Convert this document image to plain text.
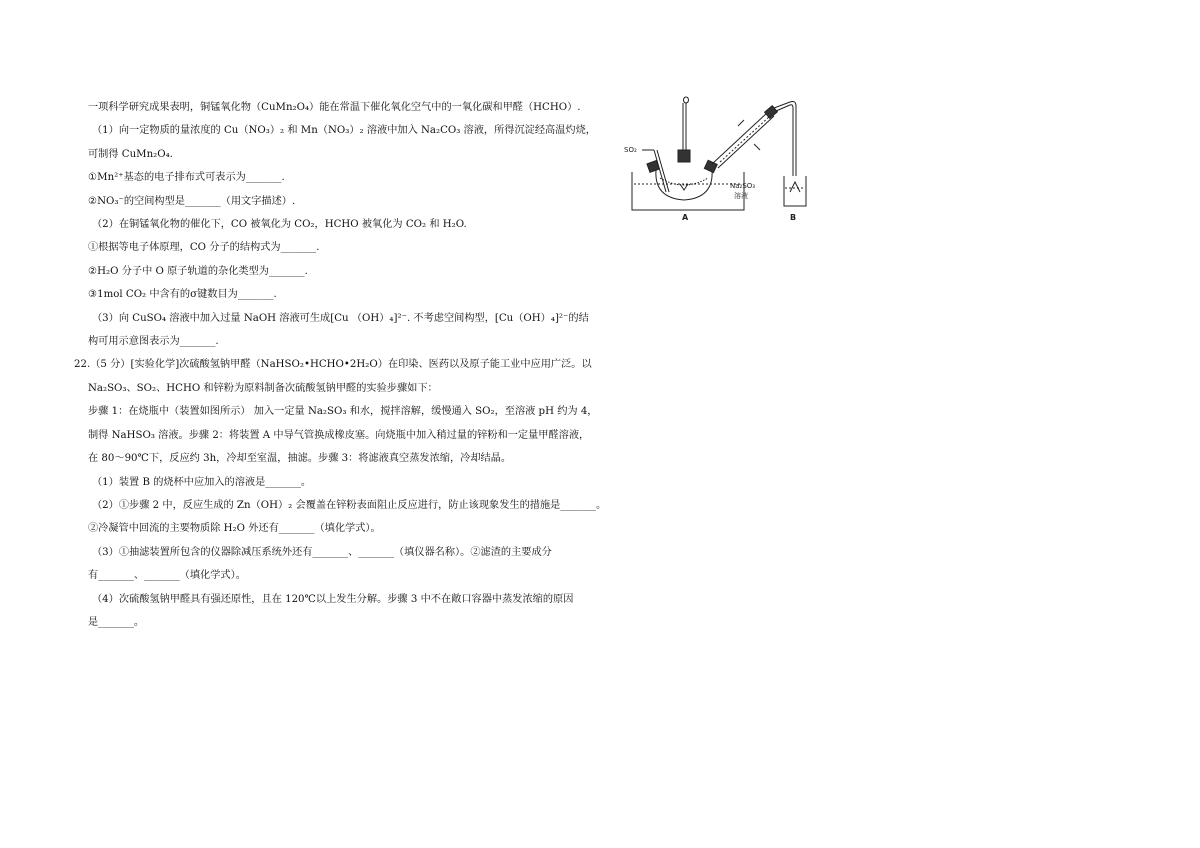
一项科学研究成果表明，铜锰氧化物（CuMn₂O₄）能在常温下催化氧化空气中的一氧化碳和甲醛（HCHO）.
（1）向一定物质的量浓度的 Cu（NO₃）₂ 和 Mn（NO₃）₂ 溶液中加入 Na₂CO₃ 溶液，所得沉淀经高温灼烧，
可制得 CuMn₂O₄.
①Mn²⁺基态的电子排布式可表示为_______.
②NO₃⁻的空间构型是_______（用文字描述）.
（2）在铜锰氧化物的催化下，CO 被氧化为 CO₂，HCHO 被氧化为 CO₂ 和 H₂O.
①根据等电子体原理，CO 分子的结构式为_______.
②H₂O 分子中 O 原子轨道的杂化类型为_______.
③1mol CO₂ 中含有的σ键数目为_______.
（3）向 CuSO₄ 溶液中加入过量 NaOH 溶液可生成[Cu （OH）₄]²⁻. 不考虑空间构型，[Cu（OH）₄]²⁻的结
构可用示意图表示为_______.
22.（5 分）[实验化学]次硫酸氢钠甲醛（NaHSO₂•HCHO•2H₂O）在印染、医药以及原子能工业中应用广泛。以
Na₂SO₃、SO₂、HCHO 和锌粉为原料制备次硫酸氢钠甲醛的实验步骤如下：
步骤 1：在烧瓶中（装置如图所示） 加入一定量 Na₂SO₃ 和水，搅拌溶解，缓慢通入 SO₂，至溶液 pH 约为 4，
制得 NaHSO₃ 溶液。步骤 2：将装置 A 中导气管换成橡皮塞。向烧瓶中加入稍过量的锌粉和一定量甲醛溶液，
在 80～90℃下，反应约 3h，冷却至室温，抽滤。步骤 3：将滤液真空蒸发浓缩，冷却结晶。
（1）装置 B 的烧杯中应加入的溶液是_______。
（2）①步骤 2 中，反应生成的 Zn（OH）₂ 会覆盖在锌粉表面阻止反应进行，防止该现象发生的措施是_______。
②冷凝管中回流的主要物质除 H₂O 外还有_______（填化学式）。
（3）①抽滤装置所包含的仪器除减压系统外还有_______、_______（填仪器名称）。②滤渣的主要成分
有_______、_______（填化学式）。
（4）次硫酸氢钠甲醛具有强还原性，且在 120℃以上发生分解。步骤 3 中不在敞口容器中蒸发浓缩的原因
是_______。
SO₂
Na₂SO₃
溶液
A	B
